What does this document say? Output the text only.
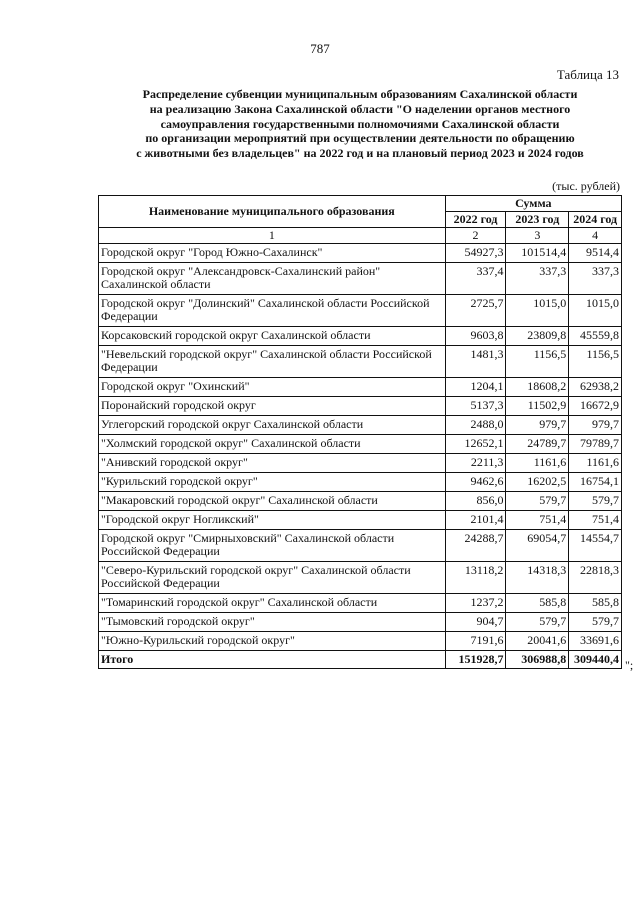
787
Таблица 13
Распределение субвенции муниципальным образованиям Сахалинской области
на реализацию Закона Сахалинской области "О наделении органов местного
самоуправления государственными полномочиями Сахалинской области
по организации мероприятий при осуществлении деятельности по обращению
с животными без владельцев" на 2022 год и на плановый период 2023 и 2024 годов
(тыс. рублей)
Наименование муниципального образования	Сумма		
	2022 год	2023 год	2024 год
1	2	3	4
Городской округ "Город Южно-Сахалинск"	54927,3	101514,4	9514,4
Городской округ "Александровск-Сахалинский район" Сахалинской области	337,4	337,3	337,3
Городской округ "Долинский" Сахалинской области Российской Федерации	2725,7	1015,0	1015,0
Корсаковский городской округ Сахалинской области	9603,8	23809,8	45559,8
"Невельский городской округ" Сахалинской области Российской Федерации	1481,3	1156,5	1156,5
Городской округ "Охинский"	1204,1	18608,2	62938,2
Поронайский городской округ	5137,3	11502,9	16672,9
Углегорский городской округ Сахалинской области	2488,0	979,7	979,7
"Холмский городской округ" Сахалинской области	12652,1	24789,7	79789,7
"Анивский городской округ"	2211,3	1161,6	1161,6
"Курильский городской округ"	9462,6	16202,5	16754,1
"Макаровский городской округ" Сахалинской области	856,0	579,7	579,7
"Городской округ Ногликский"	2101,4	751,4	751,4
Городской округ "Смирныховский" Сахалинской области Российской Федерации	24288,7	69054,7	14554,7
"Северо-Курильский городской округ" Сахалинской области Российской Федерации	13118,2	14318,3	22818,3
"Томаринский городской округ" Сахалинской области	1237,2	585,8	585,8
"Тымовский городской округ"	904,7	579,7	579,7
"Южно-Курильский городской округ"	7191,6	20041,6	33691,6
Итого	151928,7	306988,8	309440,4 ";
